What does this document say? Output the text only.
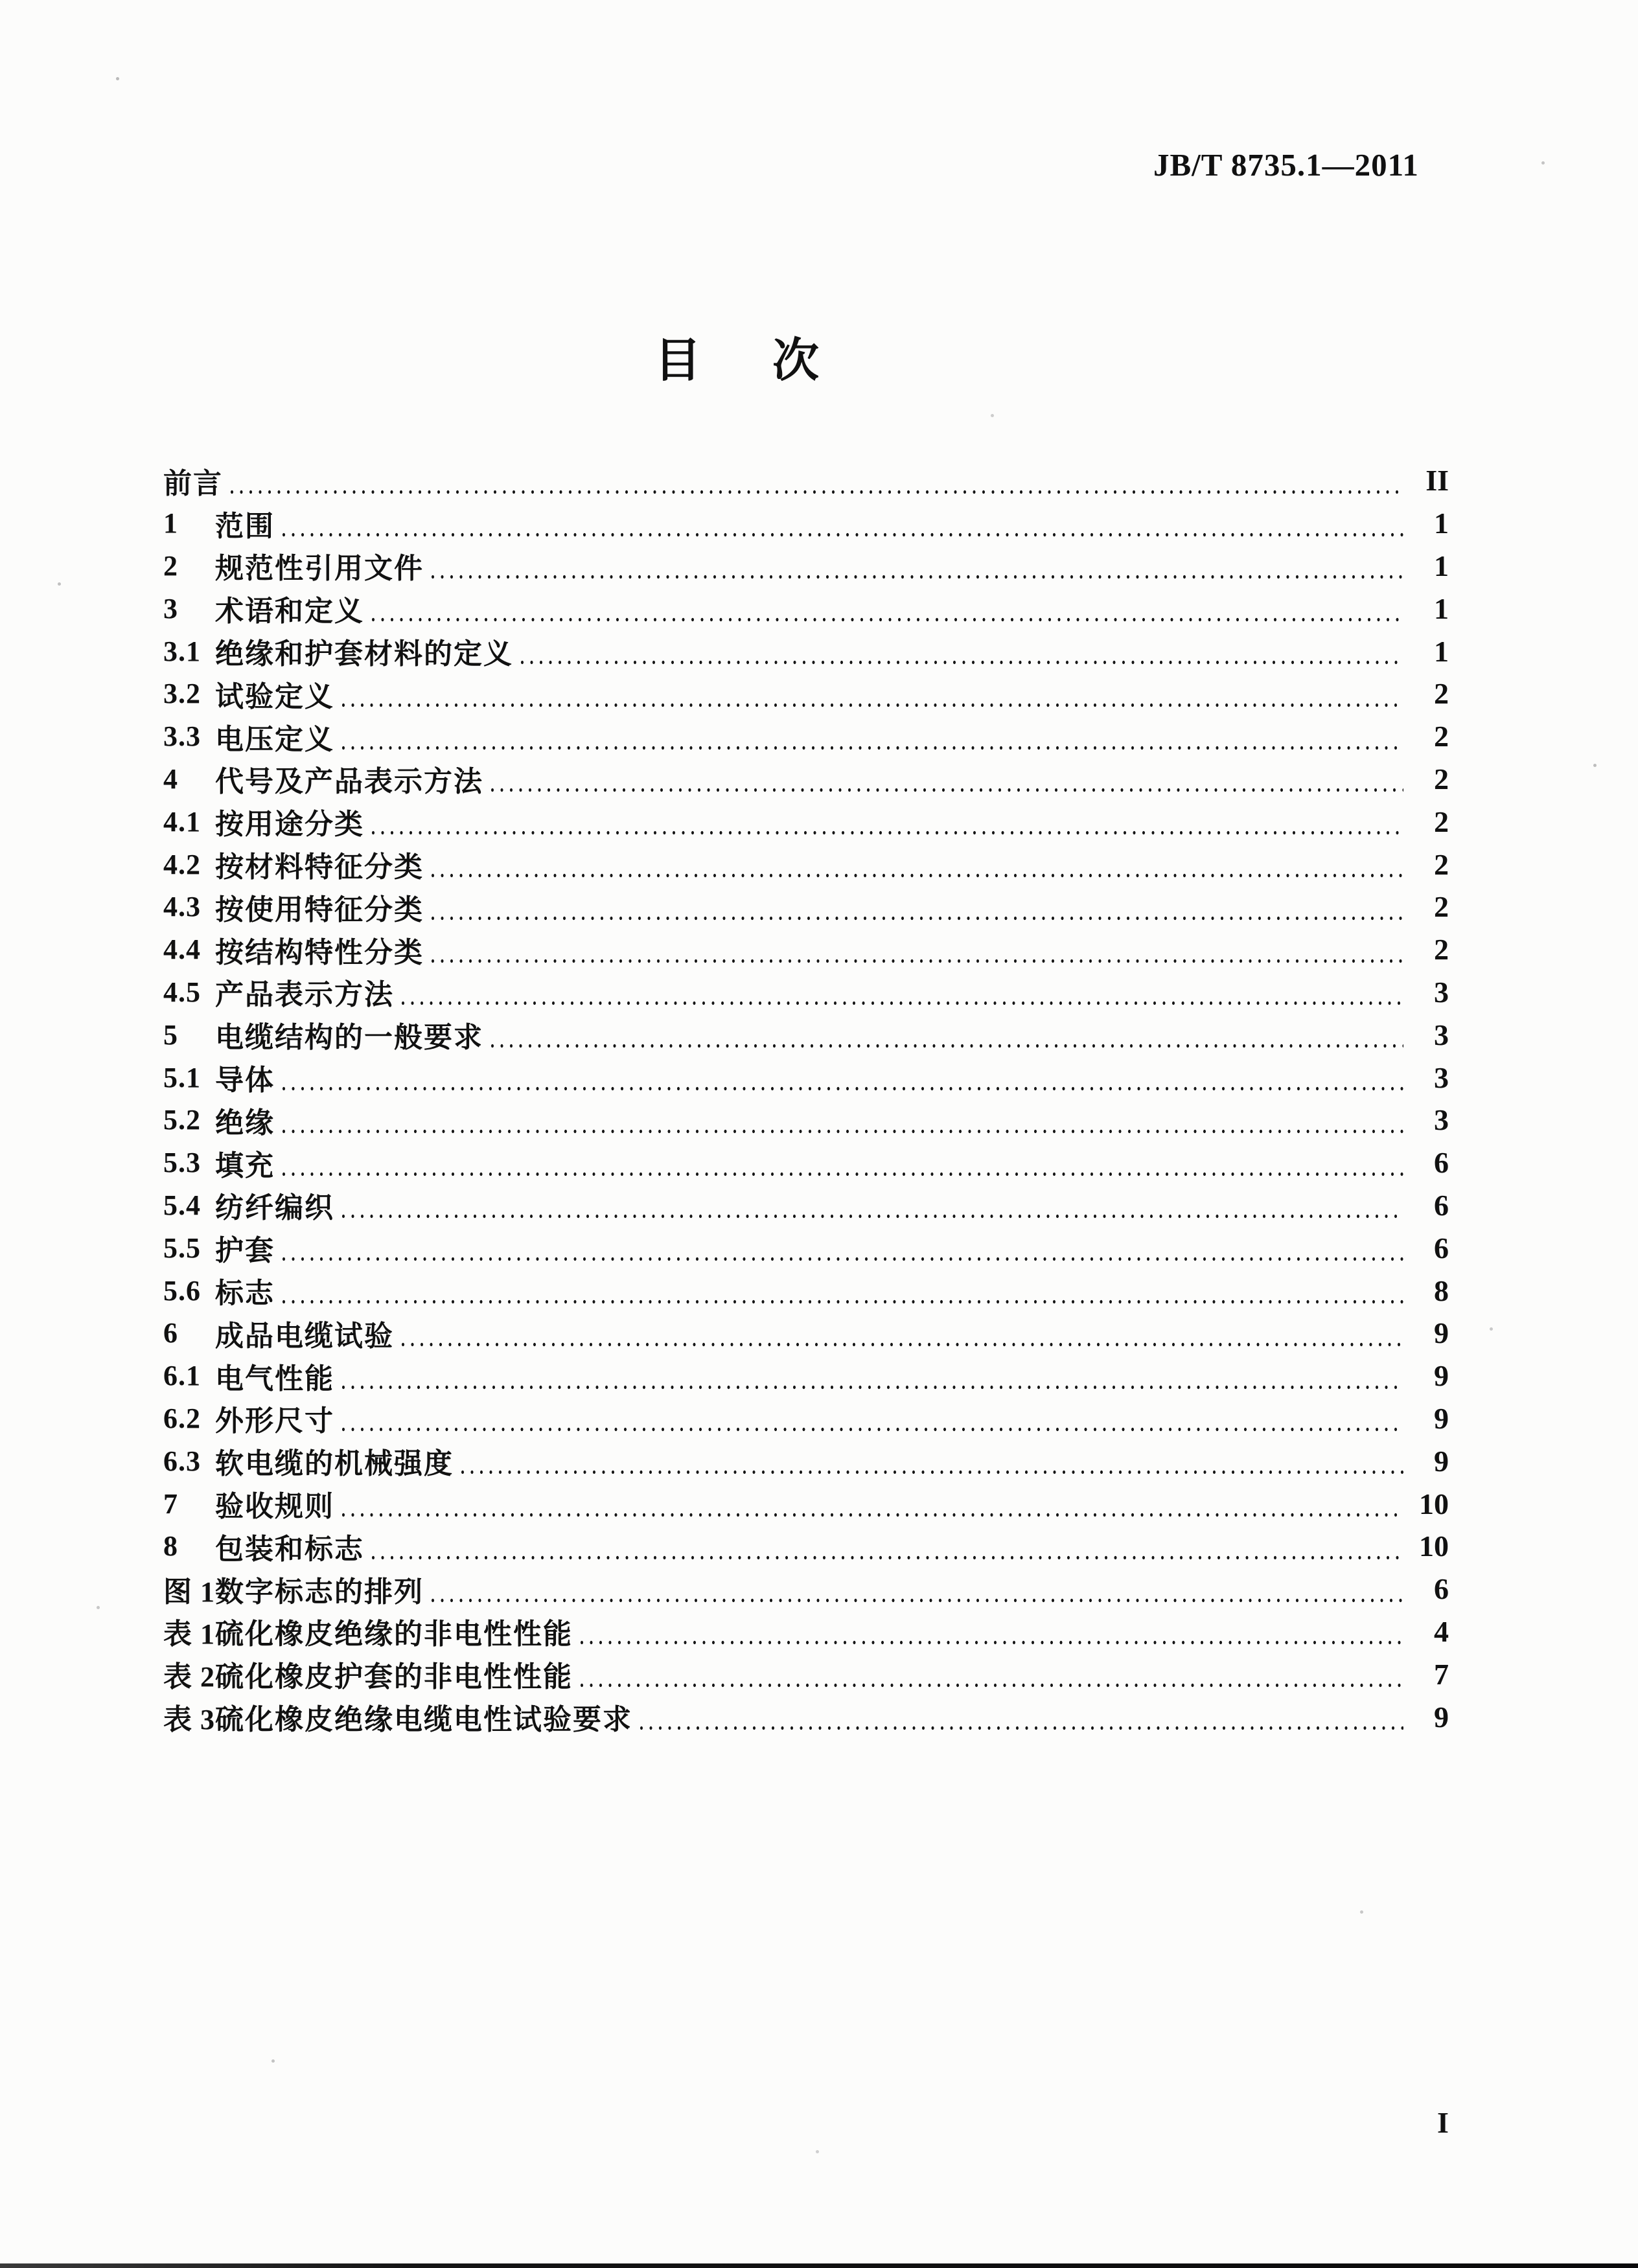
JB/T 8735.1—2011
目 次
前言	II
1	范围	1
2	规范性引用文件	1
3	术语和定义	1
3.1 绝缘和护套材料的定义	1
3.2 试验定义	2
3.3 电压定义	2
4	代号及产品表示方法	2
4.1 按用途分类	2
4.2 按材料特征分类	2
4.3 按使用特征分类	2
4.4 按结构特性分类	2
4.5 产品表示方法	3
5	电缆结构的一般要求	3
5.1 导体	3
5.2 绝缘	3
5.3 填充	6
5.4 纺纤编织	6
5.5 护套	6
5.6 标志	8
6	成品电缆试验	9
6.1 电气性能	9
6.2 外形尺寸	9
6.3 软电缆的机械强度	9
7	验收规则	10
8	包装和标志	10
图 1 数字标志的排列	6
表 1 硫化橡皮绝缘的非电性性能	4
表 2 硫化橡皮护套的非电性性能	7
表 3 硫化橡皮绝缘电缆电性试验要求	9
I
